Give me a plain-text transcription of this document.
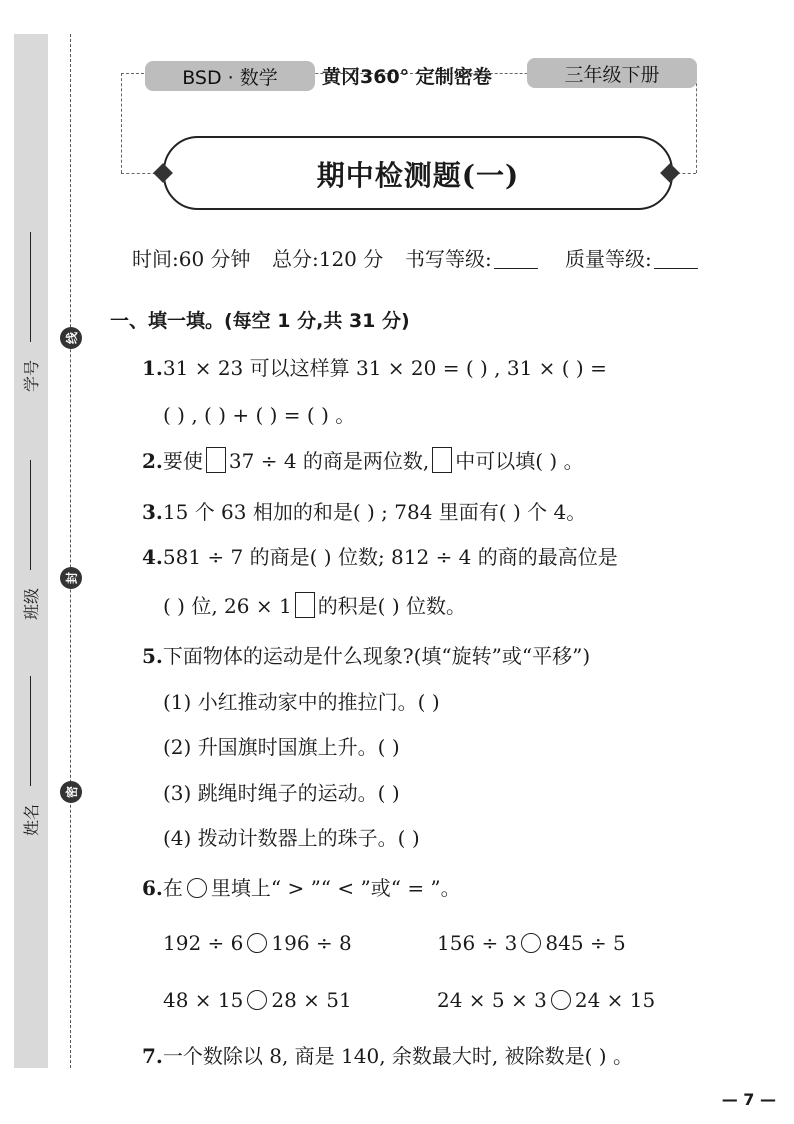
学号
班级
姓名
线
封
密
BSD · 数学	黄冈360° 定制密卷	三年级下册
期中检测题(一)
时间:60 分钟 总分:120 分 书写等级:	质量等级:
一、填一填。(每空 1 分,共 31 分)
1.31 × 23 可以这样算 31 × 20 = ( ) , 31 × ( ) =
( ) , ( ) + ( ) = ( ) 。
2.要使 37 ÷ 4 的商是两位数, 中可以填( ) 。
3.15 个 63 相加的和是( ) ; 784 里面有( ) 个 4。
4.581 ÷ 7 的商是( ) 位数; 812 ÷ 4 的商的最高位是
( ) 位, 26 × 1 的积是( ) 位数。
5.下面物体的运动是什么现象?(填“旋转”或“平移”)
(1) 小红推动家中的推拉门。( )
(2) 升国旗时国旗上升。( )
(3) 跳绳时绳子的运动。( )
(4) 拨动计数器上的珠子。( )
6.在 里填上“ > ”“ < ”或“ = ”。
192 ÷ 6 196 ÷ 8	156 ÷ 3 845 ÷ 5
48 × 15 28 × 51	24 × 5 × 3 24 × 15
7.一个数除以 8, 商是 140, 余数最大时, 被除数是( ) 。
— 7 —
